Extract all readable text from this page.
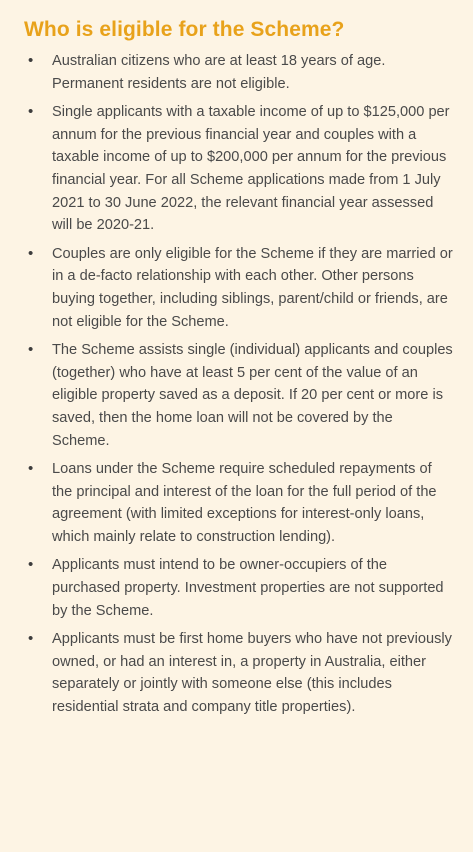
Who is eligible for the Scheme?
•	Australian citizens who are at least 18 years of age. Permanent residents are not eligible.
•	Single applicants with a taxable income of up to $125,000 per annum for the previous financial year and couples with a taxable income of up to $200,000 per annum for the previous financial year. For all Scheme applications made from 1 July 2021 to 30 June 2022, the relevant financial year assessed will be 2020-21.
•	Couples are only eligible for the Scheme if they are married or in a de-facto relationship with each other. Other persons buying together, including siblings, parent/child or friends, are not eligible for the Scheme.
•	The Scheme assists single (individual) applicants and couples (together) who have at least 5 per cent of the value of an eligible property saved as a deposit. If 20 per cent or more is saved, then the home loan will not be covered by the Scheme.
•	Loans under the Scheme require scheduled repayments of the principal and interest of the loan for the full period of the agreement (with limited exceptions for interest-only loans, which mainly relate to construction lending).
•	Applicants must intend to be owner-occupiers of the purchased property. Investment properties are not supported by the Scheme.
•	Applicants must be first home buyers who have not previously owned, or had an interest in, a property in Australia, either separately or jointly with someone else (this includes residential strata and company title properties).
